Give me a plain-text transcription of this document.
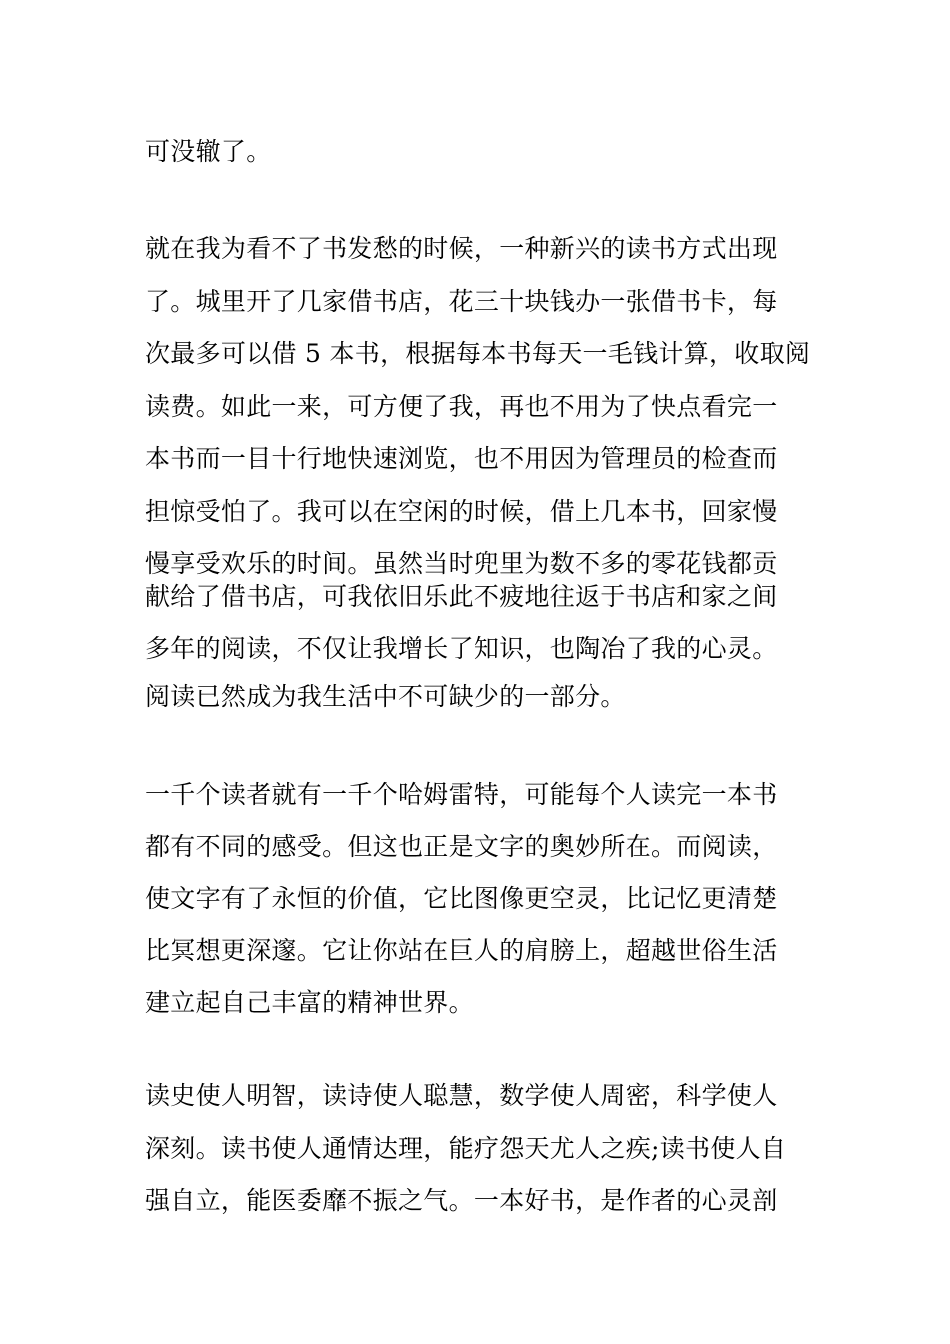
可没辙了。
就在我为看不了书发愁的时候，一种新兴的读书方式出现
了。城里开了几家借书店，花三十块钱办一张借书卡，每
次最多可以借 5 本书，根据每本书每天一毛钱计算，收取阅
读费。如此一来，可方便了我，再也不用为了快点看完一
本书而一目十行地快速浏览，也不用因为管理员的检查而
担惊受怕了。我可以在空闲的时候，借上几本书，回家慢
慢享受欢乐的时间。虽然当时兜里为数不多的零花钱都贡
献给了借书店，可我依旧乐此不疲地往返于书店和家之间
多年的阅读，不仅让我增长了知识，也陶冶了我的心灵。
阅读已然成为我生活中不可缺少的一部分。
一千个读者就有一千个哈姆雷特，可能每个人读完一本书
都有不同的感受。但这也正是文字的奥妙所在。而阅读，
使文字有了永恒的价值，它比图像更空灵，比记忆更清楚
比冥想更深邃。它让你站在巨人的肩膀上，超越世俗生活
建立起自己丰富的精神世界。
读史使人明智，读诗使人聪慧，数学使人周密，科学使人
深刻。读书使人通情达理，能疗怨天尤人之疾;读书使人自
强自立，能医委靡不振之气。一本好书，是作者的心灵剖
